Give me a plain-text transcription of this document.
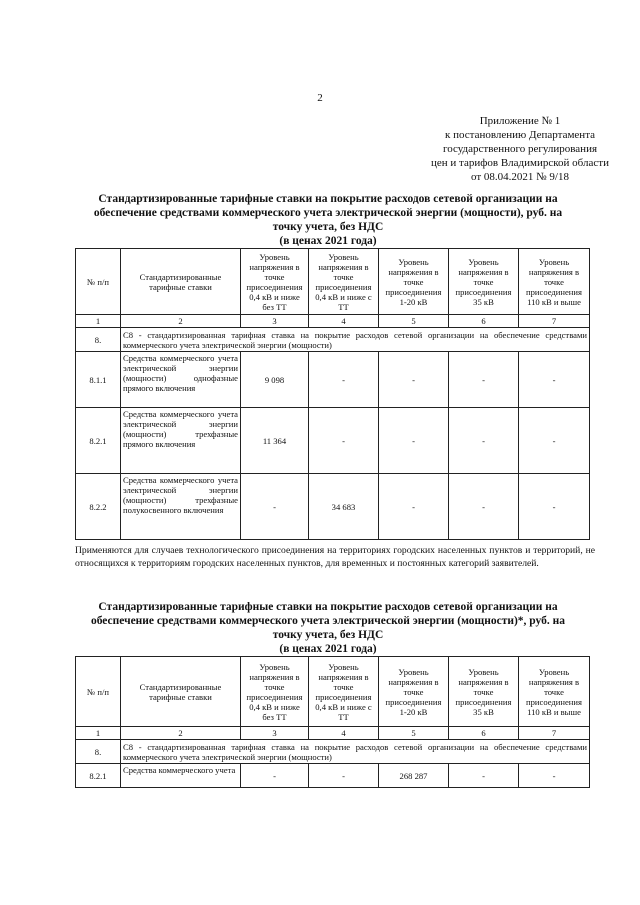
2
Приложение № 1
к постановлению Департамента
государственного регулирования
цен и тарифов Владимирской области
от 08.04.2021 № 9/18
Стандартизированные тарифные ставки на покрытие расходов сетевой организации на
обеспечение средствами коммерческого учета электрической энергии (мощности), руб. на
точку учета, без НДС
(в ценах 2021 года)
№ п/п	Стандартизированные тарифные ставки	Уровень напряжения в точке присоединения 0,4 кВ и ниже без ТТ	Уровень напряжения в точке присоединения 0,4 кВ и ниже с ТТ	Уровень напряжения в точке присоединения 1-20 кВ	Уровень напряжения в точке присоединения 35 кВ	Уровень напряжения в точке присоединения 110 кВ и выше
1	2	3	4	5	6	7
8.	С8 - стандартизированная тарифная ставка на покрытие расходов сетевой организации на обеспечение средствами коммерческого учета электрической энергии (мощности)					
8.1.1	Средства коммерческого учета электрической энергии (мощности) однофазные прямого включения	9 098	-	-	-	-
8.2.1	Средства коммерческого учета электрической энергии (мощности) трехфазные прямого включения	11 364	-	-	-	-
8.2.2	Средства коммерческого учета электрической энергии (мощности) трехфазные полукосвенного включения	-	34 683	-	-	-
Применяются для случаев технологического присоединения на территориях городских населенных пунктов и территорий, не относящихся к территориям городских населенных пунктов, для временных и постоянных категорий заявителей.
Стандартизированные тарифные ставки на покрытие расходов сетевой организации на
обеспечение средствами коммерческого учета электрической энергии (мощности)*, руб. на
точку учета, без НДС
(в ценах 2021 года)
№ п/п	Стандартизированные тарифные ставки	Уровень напряжения в точке присоединения 0,4 кВ и ниже без ТТ	Уровень напряжения в точке присоединения 0,4 кВ и ниже с ТТ	Уровень напряжения в точке присоединения 1-20 кВ	Уровень напряжения в точке присоединения 35 кВ	Уровень напряжения в точке присоединения 110 кВ и выше
1	2	3	4	5	6	7
8.	С8 - стандартизированная тарифная ставка на покрытие расходов сетевой организации на обеспечение средствами коммерческого учета электрической энергии (мощности)					
8.2.1	Средства коммерческого учета	-	-	268 287	-	-
